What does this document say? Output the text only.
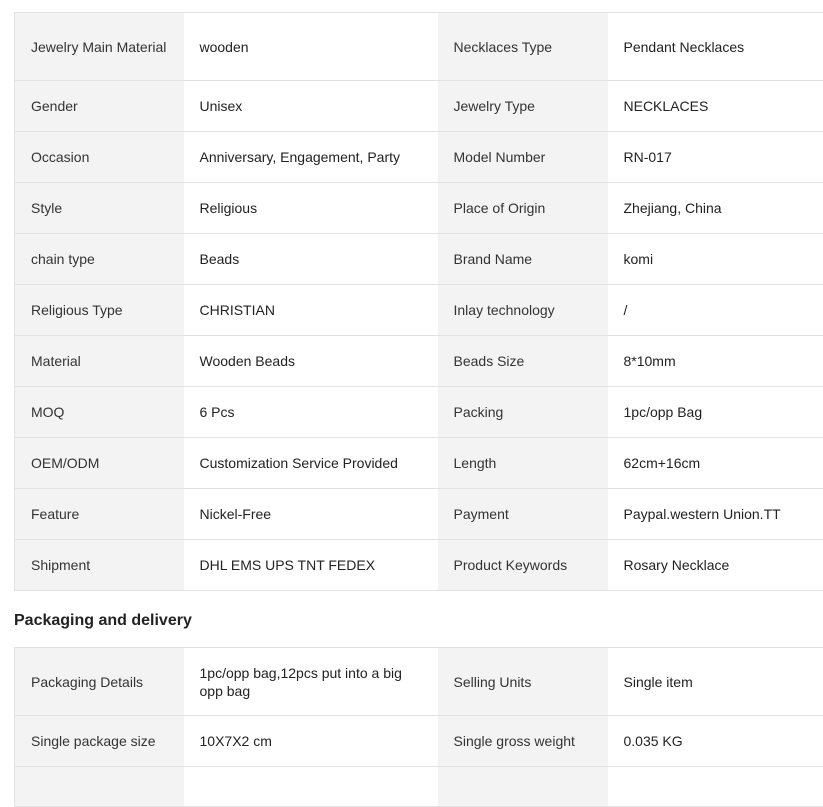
Jewelry Main Material	wooden	Necklaces Type	Pendant Necklaces
Gender	Unisex	Jewelry Type	NECKLACES
Occasion	Anniversary, Engagement, Party	Model Number	RN-017
Style	Religious	Place of Origin	Zhejiang, China
chain type	Beads	Brand Name	komi
Religious Type	CHRISTIAN	Inlay technology	/
Material	Wooden Beads	Beads Size	8*10mm
MOQ	6 Pcs	Packing	1pc/opp Bag
OEM/ODM	Customization Service Provided	Length	62cm+16cm
Feature	Nickel-Free	Payment	Paypal.western Union.TT
Shipment	DHL EMS UPS TNT FEDEX	Product Keywords	Rosary Necklace
Packaging and delivery
Packaging Details	1pc/opp bag,12pcs put into a big opp bag	Selling Units	Single item
Single package size	10X7X2 cm	Single gross weight	0.035 KG
